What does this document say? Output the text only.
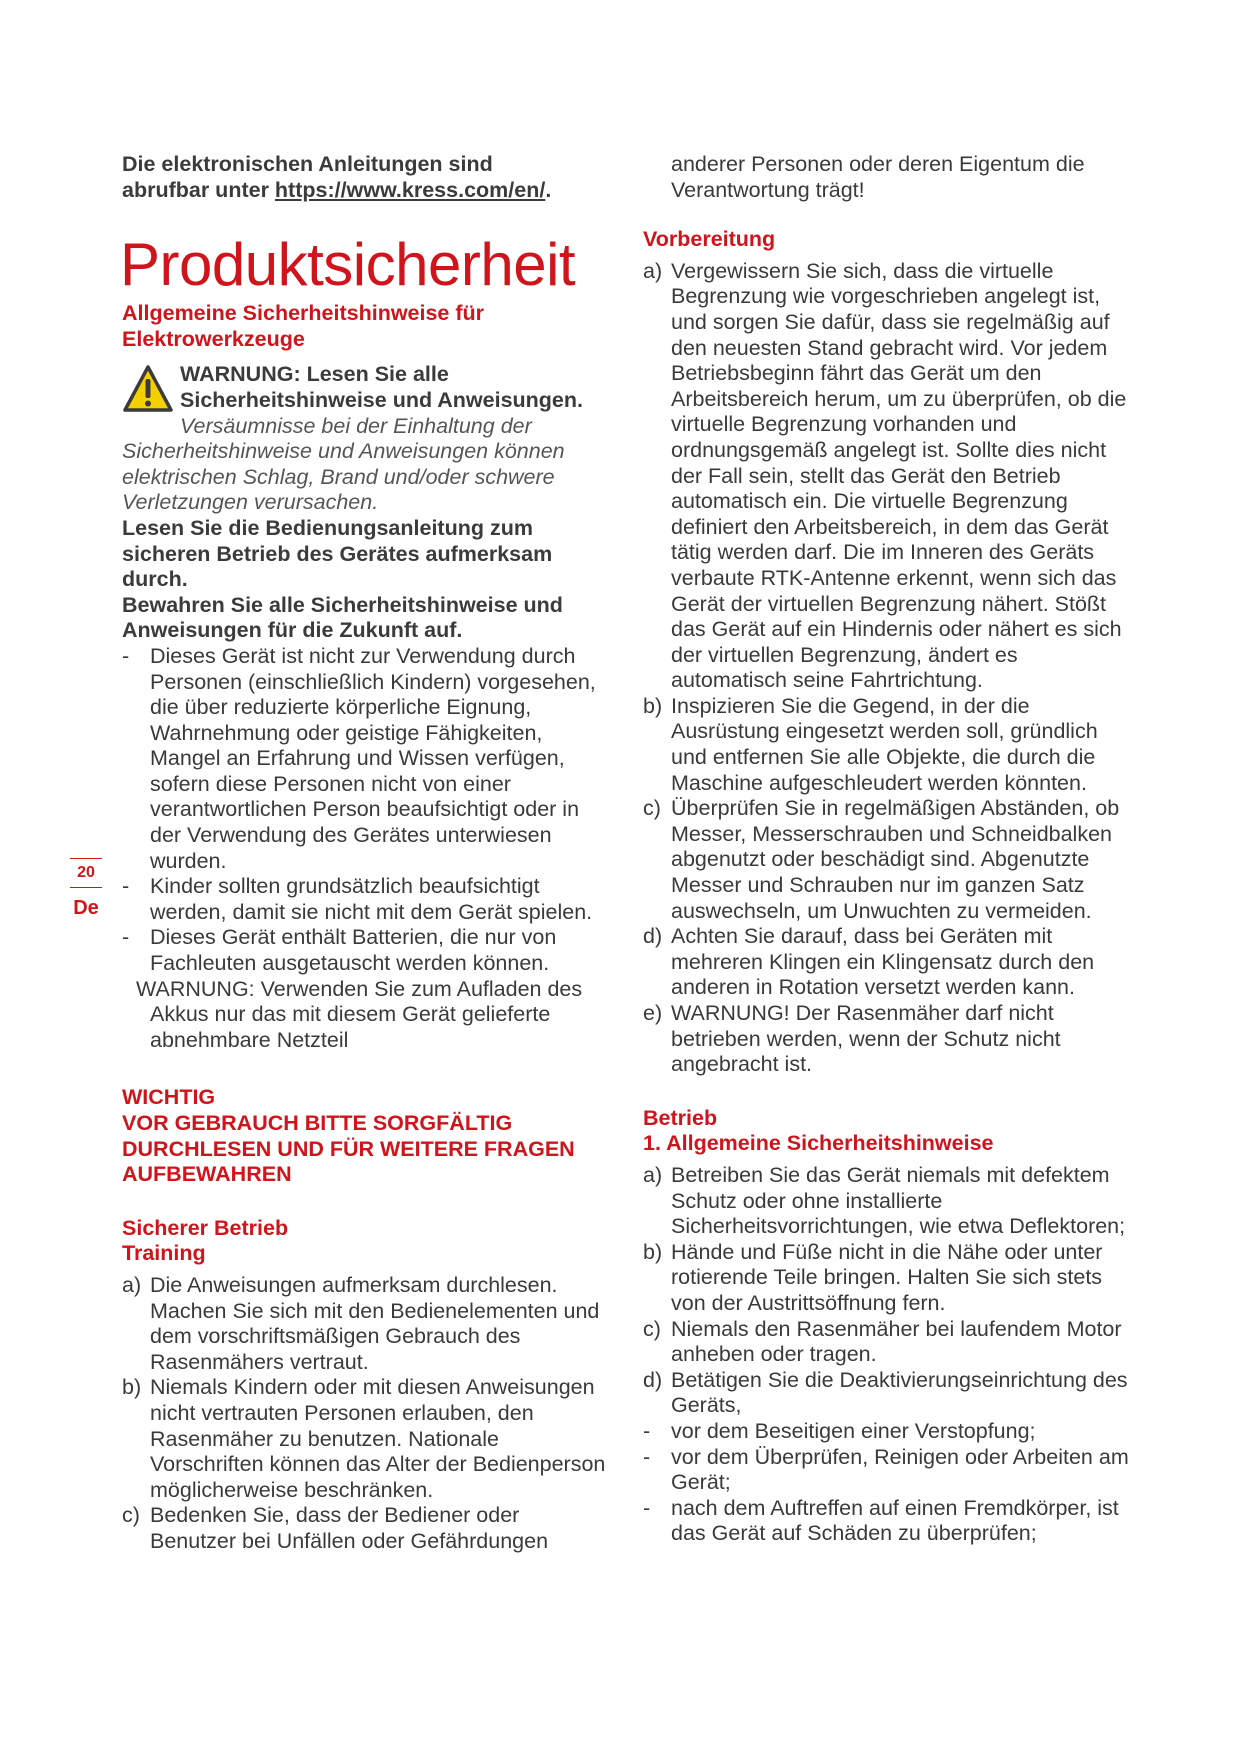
20
De

Die elektronischen Anleitungen sind
abrufbar unter https://www.kress.com/en/.

Produktsicherheit

Allgemeine Sicherheitshinweise für Elektrowerkzeuge

WARNUNG: Lesen Sie alle Sicherheitshinweise und Anweisungen. Versäumnisse bei der Einhaltung der Sicherheitshinweise und Anweisungen können elektrischen Schlag, Brand und/oder schwere Verletzungen verursachen.

Lesen Sie die Bedienungsanleitung zum sicheren Betrieb des Gerätes aufmerksam durch.

Bewahren Sie alle Sicherheitshinweise und Anweisungen für die Zukunft auf.

- Dieses Gerät ist nicht zur Verwendung durch Personen (einschließlich Kindern) vorgesehen, die über reduzierte körperliche Eignung, Wahrnehmung oder geistige Fähigkeiten, Mangel an Erfahrung und Wissen verfügen, sofern diese Personen nicht von einer verantwortlichen Person beaufsichtigt oder in der Verwendung des Gerätes unterwiesen wurden.
- Kinder sollten grundsätzlich beaufsichtigt werden, damit sie nicht mit dem Gerät spielen.
- Dieses Gerät enthält Batterien, die nur von Fachleuten ausgetauscht werden können.
WARNUNG: Verwenden Sie zum Aufladen des Akkus nur das mit diesem Gerät gelieferte abnehmbare Netzteil

WICHTIG
VOR GEBRAUCH BITTE SORGFÄLTIG DURCHLESEN UND FÜR WEITERE FRAGEN AUFBEWAHREN

Sicherer Betrieb
Training

a) Die Anweisungen aufmerksam durchlesen. Machen Sie sich mit den Bedienelementen und dem vorschriftsmäßigen Gebrauch des Rasenmähers vertraut.
b) Niemals Kindern oder mit diesen Anweisungen nicht vertrauten Personen erlauben, den Rasenmäher zu benutzen. Nationale Vorschriften können das Alter der Bedienperson möglicherweise beschränken.
c) Bedenken Sie, dass der Bediener oder Benutzer bei Unfällen oder Gefährdungen

anderer Personen oder deren Eigentum die Verantwortung trägt!

Vorbereitung

a) Vergewissern Sie sich, dass die virtuelle Begrenzung wie vorgeschrieben angelegt ist, und sorgen Sie dafür, dass sie regelmäßig auf den neuesten Stand gebracht wird. Vor jedem Betriebsbeginn fährt das Gerät um den Arbeitsbereich herum, um zu überprüfen, ob die virtuelle Begrenzung vorhanden und ordnungsgemäß angelegt ist. Sollte dies nicht der Fall sein, stellt das Gerät den Betrieb automatisch ein. Die virtuelle Begrenzung definiert den Arbeitsbereich, in dem das Gerät tätig werden darf. Die im Inneren des Geräts verbaute RTK-Antenne erkennt, wenn sich das Gerät der virtuellen Begrenzung nähert. Stößt das Gerät auf ein Hindernis oder nähert es sich der virtuellen Begrenzung, ändert es automatisch seine Fahrtrichtung.
b) Inspizieren Sie die Gegend, in der die Ausrüstung eingesetzt werden soll, gründlich und entfernen Sie alle Objekte, die durch die Maschine aufgeschleudert werden könnten.
c) Überprüfen Sie in regelmäßigen Abständen, ob Messer, Messerschrauben und Schneidbalken abgenutzt oder beschädigt sind. Abgenutzte Messer und Schrauben nur im ganzen Satz auswechseln, um Unwuchten zu vermeiden.
d) Achten Sie darauf, dass bei Geräten mit mehreren Klingen ein Klingensatz durch den anderen in Rotation versetzt werden kann.
e) WARNUNG! Der Rasenmäher darf nicht betrieben werden, wenn der Schutz nicht angebracht ist.

Betrieb
1. Allgemeine Sicherheitshinweise

a) Betreiben Sie das Gerät niemals mit defektem Schutz oder ohne installierte Sicherheitsvorrichtungen, wie etwa Deflektoren;
b) Hände und Füße nicht in die Nähe oder unter rotierende Teile bringen. Halten Sie sich stets von der Austrittsöffnung fern.
c) Niemals den Rasenmäher bei laufendem Motor anheben oder tragen.
d) Betätigen Sie die Deaktivierungseinrichtung des Geräts,
- vor dem Beseitigen einer Verstopfung;
- vor dem Überprüfen, Reinigen oder Arbeiten am Gerät;
- nach dem Auftreffen auf einen Fremdkörper, ist das Gerät auf Schäden zu überprüfen;
